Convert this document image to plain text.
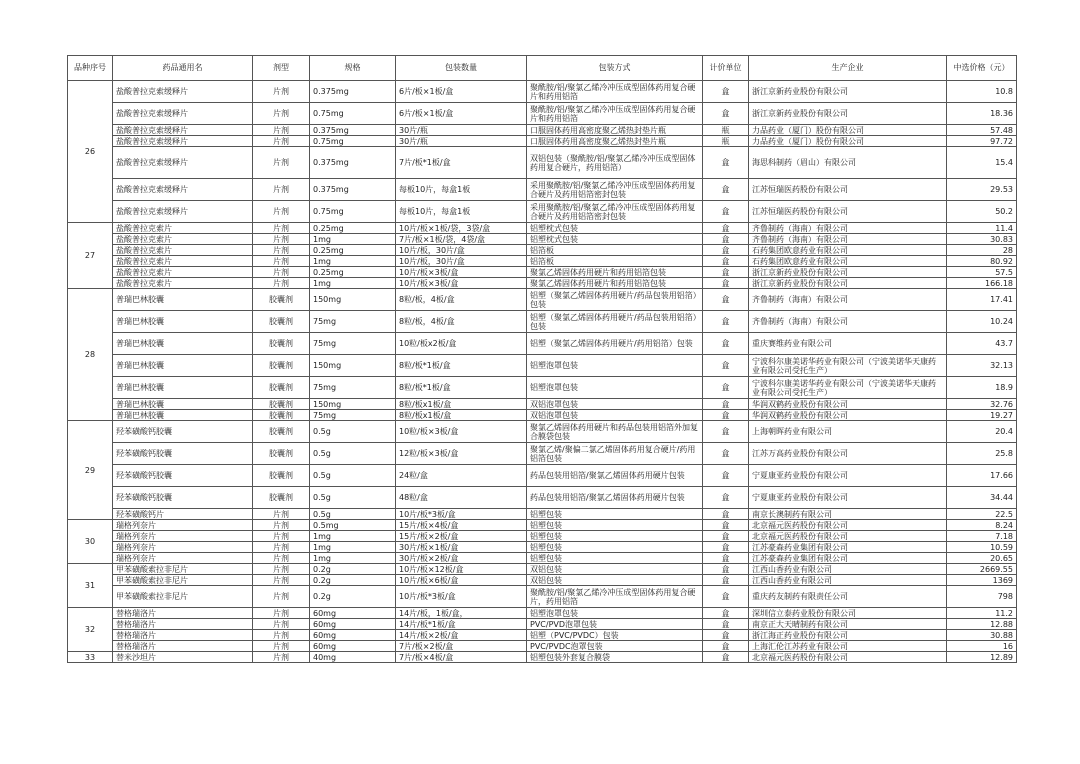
品种序号	药品通用名	剂型	规格	包装数量	包装方式	计价单位	生产企业	中选价格（元）
26	盐酸普拉克索缓释片	片剂	0.375mg	6片/板×1板/盒	聚酰胺/铝/聚氯乙烯冷冲压成型固体药用复合硬片和药用铝箔	盒	浙江京新药业股份有限公司	10.8
	盐酸普拉克索缓释片	片剂	0.75mg	6片/板×1板/盒	聚酰胺/铝/聚氯乙烯冷冲压成型固体药用复合硬片和药用铝箔	盒	浙江京新药业股份有限公司	18.36
	盐酸普拉克索缓释片	片剂	0.375mg	30片/瓶	口服固体药用高密度聚乙烯热封垫片瓶	瓶	力品药业（厦门）股份有限公司	57.48
	盐酸普拉克索缓释片	片剂	0.75mg	30片/瓶	口服固体药用高密度聚乙烯热封垫片瓶	瓶	力品药业（厦门）股份有限公司	97.72
	盐酸普拉克索缓释片	片剂	0.375mg	7片/板*1板/盒	双铝包装（聚酰胺/铝/聚氯乙烯冷冲压成型固体药用复合硬片，药用铝箔）	盒	海思科制药（眉山）有限公司	15.4
	盐酸普拉克索缓释片	片剂	0.375mg	每板10片，每盒1板	采用聚酰胺/铝/聚氯乙烯冷冲压成型固体药用复合硬片及药用铝箔密封包装	盒	江苏恒瑞医药股份有限公司	29.53
	盐酸普拉克索缓释片	片剂	0.75mg	每板10片，每盒1板	采用聚酰胺/铝/聚氯乙烯冷冲压成型固体药用复合硬片及药用铝箔密封包装	盒	江苏恒瑞医药股份有限公司	50.2
27	盐酸普拉克索片	片剂	0.25mg	10片/板×1板/袋，3袋/盒	铝塑枕式包装	盒	齐鲁制药（海南）有限公司	11.4
	盐酸普拉克索片	片剂	1mg	7片/板×1板/袋，4袋/盒	铝塑枕式包装	盒	齐鲁制药（海南）有限公司	30.83
	盐酸普拉克索片	片剂	0.25mg	10片/板，30片/盒	铝箔板	盒	石药集团欧意药业有限公司	28
	盐酸普拉克索片	片剂	1mg	10片/板，30片/盒	铝箔板	盒	石药集团欧意药业有限公司	80.92
	盐酸普拉克索片	片剂	0.25mg	10片/板×3板/盒	聚氯乙烯固体药用硬片和药用铝箔包装	盒	浙江京新药业股份有限公司	57.5
	盐酸普拉克索片	片剂	1mg	10片/板×3板/盒	聚氯乙烯固体药用硬片和药用铝箔包装	盒	浙江京新药业股份有限公司	166.18
28	普瑞巴林胶囊	胶囊剂	150mg	8粒/板，4板/盒	铝塑（聚氯乙烯固体药用硬片/药品包装用铝箔）包装	盒	齐鲁制药（海南）有限公司	17.41
	普瑞巴林胶囊	胶囊剂	75mg	8粒/板，4板/盒	铝塑（聚氯乙烯固体药用硬片/药品包装用铝箔）包装	盒	齐鲁制药（海南）有限公司	10.24
	普瑞巴林胶囊	胶囊剂	75mg	10粒/板x2板/盒	铝塑（聚氯乙烯固体药用硬片/药用铝箔）包装	盒	重庆赛维药业有限公司	43.7
	普瑞巴林胶囊	胶囊剂	150mg	8粒/板*1板/盒	铝塑泡罩包装	盒	宁波科尔康美诺华药业有限公司（宁波美诺华天康药业有限公司受托生产）	32.13
	普瑞巴林胶囊	胶囊剂	75mg	8粒/板*1板/盒	铝塑泡罩包装	盒	宁波科尔康美诺华药业有限公司（宁波美诺华天康药业有限公司受托生产）	18.9
	普瑞巴林胶囊	胶囊剂	150mg	8粒/板x1板/盒	双铝泡罩包装	盒	华润双鹤药业股份有限公司	32.76
	普瑞巴林胶囊	胶囊剂	75mg	8粒/板x1板/盒	双铝泡罩包装	盒	华润双鹤药业股份有限公司	19.27
29	羟苯磺酸钙胶囊	胶囊剂	0.5g	10粒/板×3板/盒	聚氯乙烯固体药用硬片和药品包装用铝箔外加复合膜袋包装	盒	上海朝晖药业有限公司	20.4
	羟苯磺酸钙胶囊	胶囊剂	0.5g	12粒/板×3板/盒	聚氯乙烯/聚偏二氯乙烯固体药用复合硬片/药用铝箔包装	盒	江苏万高药业股份有限公司	25.8
	羟苯磺酸钙胶囊	胶囊剂	0.5g	24粒/盒	药品包装用铝箔/聚氯乙烯固体药用硬片包装	盒	宁夏康亚药业股份有限公司	17.66
	羟苯磺酸钙胶囊	胶囊剂	0.5g	48粒/盒	药品包装用铝箔/聚氯乙烯固体药用硬片包装	盒	宁夏康亚药业股份有限公司	34.44
	羟苯磺酸钙片	片剂	0.5g	10片/板*3板/盒	铝塑包装	盒	南京长澳制药有限公司	22.5
30	瑞格列奈片	片剂	0.5mg	15片/板×4板/盒	铝塑包装	盒	北京福元医药股份有限公司	8.24
	瑞格列奈片	片剂	1mg	15片/板×2板/盒	铝塑包装	盒	北京福元医药股份有限公司	7.18
	瑞格列奈片	片剂	1mg	30片/板×1板/盒	铝塑包装	盒	江苏豪森药业集团有限公司	10.59
	瑞格列奈片	片剂	1mg	30片/板×2板/盒	铝塑包装	盒	江苏豪森药业集团有限公司	20.65
31	甲苯磺酸索拉非尼片	片剂	0.2g	10片/板×12板/盒	双铝包装	盒	江西山香药业有限公司	2669.55
	甲苯磺酸索拉非尼片	片剂	0.2g	10片/板×6板/盒	双铝包装	盒	江西山香药业有限公司	1369
	甲苯磺酸索拉非尼片	片剂	0.2g	10片/板*3板/盒	聚酰胺/铝/聚氯乙烯冷冲压成型固体药用复合硬片，药用铝箔	盒	重庆药友制药有限责任公司	798
32	替格瑞洛片	片剂	60mg	14片/板，1板/盒，	铝塑泡罩包装	盒	深圳信立泰药业股份有限公司	11.2
	替格瑞洛片	片剂	60mg	14片/板*1板/盒	PVC/PVD泡罩包装	盒	南京正大天晴制药有限公司	12.88
	替格瑞洛片	片剂	60mg	14片/板×2板/盒	铝塑（PVC/PVDC）包装	盒	浙江海正药业股份有限公司	30.88
	替格瑞洛片	片剂	60mg	7片/板×2板/盒	PVC/PVDC泡罩包装	盒	上海汇伦江苏药业有限公司	16
33	替米沙坦片	片剂	40mg	7片/板×4板/盒	铝塑包装外套复合膜袋	盒	北京福元医药股份有限公司	12.89
